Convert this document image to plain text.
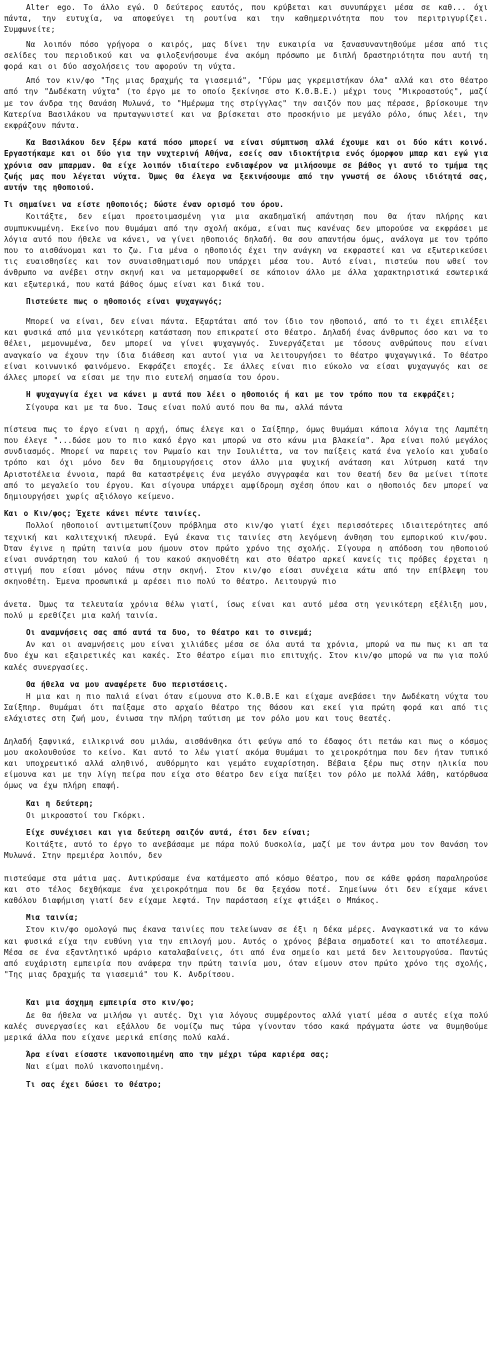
Alter ego. Το άλλο εγώ. Ο δεύτερος εαυτός, που κρύβεται και συνυπάρχει μέσα σε καθ... όχι πάντα, την ευτυχία, να αποφεύγει τη ρουτίνα και την καθημερινότητα που τον περιτριγυρίζει. Συμφωνείτε;
Να λοιπόν πόσο γρήγορα ο καιρός, μας δίνει την ευκαιρία να ξανασυναντηθούμε μέσα από τις σελίδες του περιοδικού και να φιλοξενήσουμε ένα ακόμη πρόσωπο με διπλή δραστηριότητα που αυτή τη φορά και οι δύο ασχολήσεις του αφορούν τη νύχτα.
Από τον κιν/φο "Της μιας δραχμής τα γιασεμιά", "Γύρω μας γκρεμιστήκαν όλα" αλλά και στο θέατρο από την "Δωδέκατη νύχτα" (το έργο με το οποίο ξεκίνησε στο Κ.Θ.Β.Ε.) μέχρι τους "Μικροαστούς", μαζί με τον άνδρα της Θανάση Μυλωνά, το "Ημέρωμα της στρίγγλας" την σαιζόν που μας πέρασε, βρίσκουμε την Κατερίνα Βασιλάκου να πρωταγωνιστεί και να βρίσκεται στο προσκήνιο με μεγάλο ρόλο, όπως λέει, την εκφράζουν πάντα.
Κα Βασιλάκου δεν ξέρω κατά πόσο μπορεί να είναι σύμπτωση αλλά έχουμε και οι δύο κάτι κοινό. Εργαστήκαμε και οι δύο για την νυχτερινή Αθήνα, εσείς σαν ιδιοκτήτρια ενός όμορφου μπαρ και εγώ για χρόνια σαν μπαρμαν. Θα είχε λοιπόν ιδιαίτερο ενδιαφέρον να μιλήσουμε σε βάθος γι αυτό το τμήμα της ζωής μας που λέγεται νύχτα. Όμως θα έλεγα να ξεκινήσουμε από την γνωστή σε όλους ιδιότητά σας, αυτήν της ηθοποιού.
Τι σημαίνει να είστε ηθοποιός; δώστε έναν ορισμό του όρου.
Κοιτάξτε, δεν είμαι προετοιμασμένη για μια ακαδημαϊκή απάντηση που θα ήταν πλήρης και συμπυκνωμένη. Εκείνο που θυμάμαι από την σχολή ακόμα, είναι πως κανένας δεν μπορούσε να εκφράσει με λόγια αυτό που ήθελε να κάνει, να γίνει ηθοποιός δηλαδή. Θα σου απαντήσω όμως, ανάλογα με τον τρόπο που το αισθάνομαι και το ζω. Για μένα ο ηθοποιός έχει την ανάγκη να εκφραστεί και να εξωτερικεύσει τις ευαισθησίες και τον συναισθηματισμό που υπάρχει μέσα του. Αυτό είναι, πιστεύω που ωθεί τον άνθρωπο να ανέβει στην σκηνή και να μεταμορφωθεί σε κάποιον άλλο με άλλα χαρακτηριστικά εσωτερικά και εξωτερικά, που κατά βάθος όμως είναι και δικά του.
Πιστεύετε πως ο ηθοποιός είναι ψυχαγωγός;
Μπορεί να είναι, δεν είναι πάντα. Εξαρτάται από τον ίδιο τον ηθοποιό, από το τι έχει επιλέξει και φυσικά από μια γενικότερη κατάσταση που επικρατεί στο θέατρο. Δηλαδή ένας άνθρωπος όσο και να το θέλει, μεμονωμένα, δεν μπορεί να γίνει ψυχαγωγός. Συνεργάζεται με τόσους ανθρώπους που είναι αναγκαίο να έχουν την ίδια διάθεση και αυτοί για να λειτουργήσει το θέατρο ψυχαγωγικά. Το θέατρο είναι κοινωνικό φαινόμενο. Εκφράζει εποχές. Σε άλλες είναι πιο εύκολο να είσαι ψυχαγωγός και σε άλλες μπορεί να είσαι με την πιο ευτελή σημασία του όρου.
Η ψυχαγωγία έχει να κάνει μ αυτά που λέει ο ηθοποιός ή και με τον τρόπο που τα εκφράζει;
Σίγουρα και με τα δυο. Ίσως είναι πολύ αυτό που θα πω, αλλά πάντα
πίστευα πως το έργο είναι η αρχή, όπως έλεγε και ο Σαίξπηρ, όμως θυμάμαι κάποια λόγια της Λαμπέτη που έλεγε "...δώσε μου το πιο κακό έργο και μπορώ να στο κάνω μια βλακεία". Άρα είναι πολύ μεγάλος συνδιασμός. Μπορεί να παρεις τον Ρωμαίο και την Ιουλιέττα, να τον παίξεις κατά ένα γελοίο και χυδαίο τρόπο και όχι μόνο δεν θα δημιουργήσεις στον άλλο μια ψυχική ανάταση και λύτρωση κατά την Αριστοτέλεια έννοια, παρά θα καταστρέψεις ένα μεγάλο συγγραφέα και τον θεατή δεν θα μείνει τίποτε από το μεγαλείο του έργου. Και σίγουρα υπάρχει αμφίδρομη σχέση όπου και ο ηθοποιός δεν μπορεί να δημιουργήσει χωρίς αξιόλογο κείμενο.
Και ο Κιν/φος; Έχετε κάνει πέντε ταινίες.
Πολλοί ηθοποιοί αντιμετωπίζουν πρόβλημα στο κιν/φο γιατί έχει περισσότερες ιδιαιτερότητες από τεχνική και καλιτεχνική πλευρά. Εγώ έκανα τις ταινίες στη λεγόμενη άνθηση του εμπορικού κιν/φου. Όταν έγινε η πρώτη ταινία μου ήμουν στον πρώτο χρόνο της σχολής. Σίγουρα η απόδοση του ηθοποιού είναι συνάρτηση του καλού ή του κακού σκηνοθέτη και στο θέατρο αρκεί κανείς τις πρόβες έρχεται η στιγμή που είσαι μόνος πάνω στην σκηνή. Στον κιν/φο είσαι συνέχεια κάτω από την επίβλεψη του σκηνοθέτη. Έμενα προσωπικά μ αρέσει πιο πολύ το θέατρο. Λειτουργώ πιο
άνετα. Όμως τα τελευταία χρόνια θέλω γιατί, ίσως είναι και αυτό μέσα στη γενικότερη εξέλιξη μου, πολύ μ ερεθίζει μια καλή ταινία.
Οι αναμνήσεις σας από αυτά τα δυο, το θέατρο και το σινεμά;
Αν και οι αναμνήσεις μου είναι χιλιάδες μέσα σε όλα αυτά τα χρόνια, μπορώ να πω πως κι απ τα δυο έχω και εξαιρετικές και κακές. Στο θέατρο είμαι πιο επιτυχής. Στον κιν/φο μπορώ να πω για πολύ καλές συνεργασίες.
Θα ήθελα να μου αναφέρετε δυο περιστάσεις.
Η μια και η πιο παλιά είναι όταν είμουνα στο Κ.Θ.Β.Ε και είχαμε ανεβάσει την Δωδέκατη νύχτα του Σαίξπηρ. Θυμάμαι ότι παίξαμε στο αρχαίο θέατρο της Θάσου και εκεί για πρώτη φορά και από τις ελάχιστες στη ζωή μου, ένιωσα την πλήρη ταύτιση με τον ρόλο μου και τους θεατές.
Δηλαδή ξαφνικά, ειλικρινά σου μιλάω, αισθάνθηκα ότι φεύγω από το έδαφος ότι πετάω και πως ο κόσμος μου ακολουθούσε το κείνο. Και αυτό το λέω γιατί ακόμα θυμάμαι το χειροκρότημα που δεν ήταν τυπικό και υποχρεωτικό αλλά αληθινό, αυθόρμητο και γεμάτο ευχαρίστηση. Βέβαια ξέρω πως στην ηλικία που είμουνα και με την λίγη πείρα που είχα στο θέατρο δεν είχα παίξει τον ρόλο με πολλά λάθη, κατόρθωσα όμως να έχω πλήρη επαφή.
Και η δεύτερη;
Οι μικροαστοί του Γκόρκι.
Είχε συνέχισει και για δεύτερη σαιζόν αυτά, έτσι δεν είναι;
Κοιτάξτε, αυτό το έργο το ανεβάσαμε με πάρα πολύ δυσκολία, μαζί με τον άντρα μου τον Θανάση τον Μυλωνά. Στην πρεμιέρα λοιπόν, δεν
πιστεύαμε στα μάτια μας. Αντικρύσαμε ένα κατάμεστο από κόσμο θέατρο, που σε κάθε φράση παραληρούσε και στο τέλος δεχθήκαμε ένα χειροκρότημα που δε θα ξεχάσω ποτέ. Σημείωνω ότι δεν είχαμε κάνει καθόλου διαφήμιση γιατί δεν είχαμε λεφτά. Την παράσταση είχε φτιάξει ο Μπάκος.
Μια ταινία;
Στον κιν/φο ομολογώ πως έκανα ταινίες που τελείωναν σε έξι η δέκα μέρες. Αναγκαστικά να το κάνω και φυσικά είχα την ευθύνη για την επιλογή μου. Αυτός ο χρόνος βέβαια σημαδοτεί και το αποτέλεσμα. Μέσα σε ένα εξαντλητικό ωράριο καταλαβαίνεις, ότι από ένα σημείο και μετά δεν λειτουργούσα. Παντώς από ευχάριστη εμπειρία που ανάφερα την πρώτη ταινία μου, όταν είμουν στον πρώτο χρόνο της σχολής, "Της μιας δραχμής τα γιασεμιά" του Κ. Ανδρίτσου.
Και μια άσχημη εμπειρία στο κιν/φο;
Δε θα ήθελα να μιλήσω γι αυτές. Όχι για λόγους συμφέροντος αλλά γιατί μέσα σ αυτές είχα πολύ καλές συνεργασίες και εξάλλου δε νομίζω πως τώρα γίνονταν τόσο κακά πράγματα ώστε να θυμηθούμε μερικά άλλα που είχανε μερικά επίσης πολύ καλά.
Άρα είναι είσαστε ικανοποιημένη απο την μέχρι τώρα καριέρα σας;
Ναι είμαι πολύ ικανοποιημένη.
Τι σας έχει δώσει το θέατρο;
